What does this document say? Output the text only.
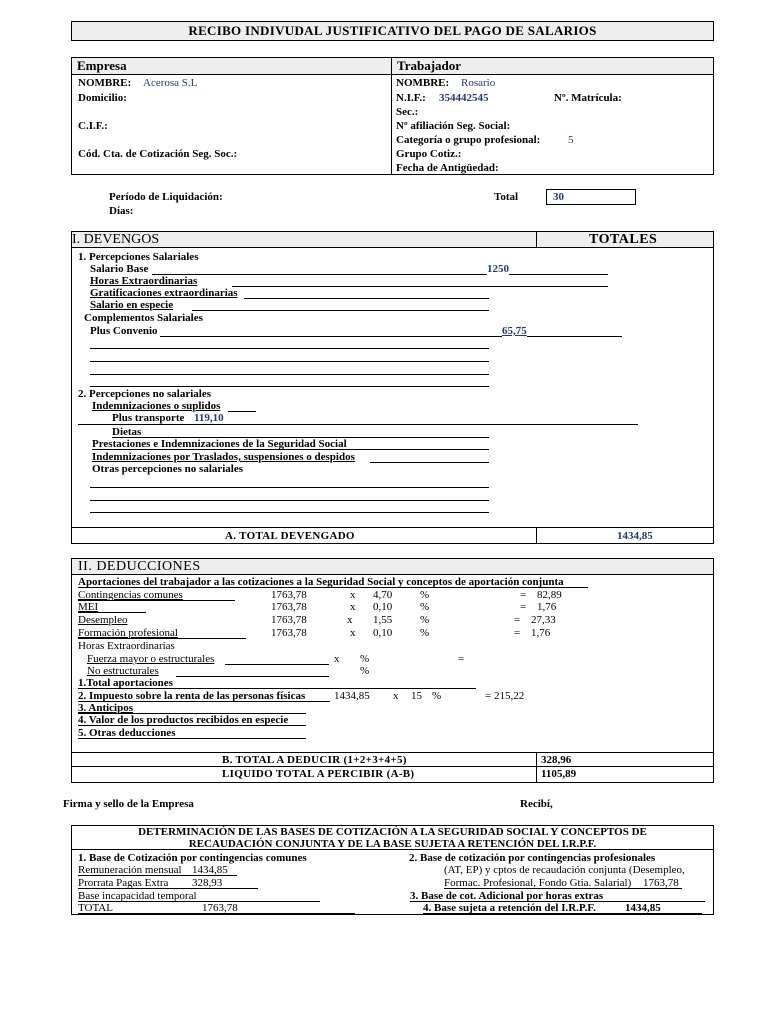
RECIBO INDIVUDAL JUSTIFICATIVO DEL PAGO DE SALARIOS
Empresa	Trabajador
NOMBRE: Acerosa S.L
Domicilio:
C.I.F.:
Cód. Cta. de Cotización Seg. Soc.:
NOMBRE: Rosario
N.I.F.: 354442545	Nº. Matrícula:
Sec.:
Nº afiliación Seg. Social:
Categoría o grupo profesional:	5
Grupo Cotiz.:
Fecha de Antigüedad:
Período de Liquidación:
Días:
Total	30
I. DEVENGOS	TOTALES
1. Percepciones Salariales
Salario Base	1250
Horas Extraordinarias
Gratificaciones extraordinarias
Salario en especie
Complementos Salariales
Plus Convenio	65,75
2. Percepciones no salariales
Indemnizaciones o suplidos
Plus transporte 119,10
Dietas
Prestaciones e Indemnizaciones de la Seguridad Social
Indemnizaciones por Traslados, suspensiones o despidos
Otras percepciones no salariales
A. TOTAL DEVENGADO	1434,85
II. DEDUCCIONES
Aportaciones del trabajador a las cotizaciones a la Seguridad Social y conceptos de aportación conjunta
Contingencias comunes	1763,78	x 4,70	%	= 82,89
MEI	1763,78	x 0,10	%	= 1,76
Desempleo	1763,78	x 1,55	%	= 27,33
Formación profesional	1763,78	x 0,10	%	= 1,76
Horas Extraordinarias
Fuerza mayor o estructurales	x %	=
No estructurales	%
1.Total aportaciones
2. Impuesto sobre la renta de las personas físicas	1434,85 x 15 %	= 215,22
3. Anticipos
4. Valor de los productos recibidos en especie
5. Otras deducciones
B. TOTAL A DEDUCIR (1+2+3+4+5)	328,96
LIQUIDO TOTAL A PERCIBIR (A-B)	1105,89
Firma y sello de la Empresa	Recibí,
DETERMINACIÓN DE LAS BASES DE COTIZACIÓN A LA SEGURIDAD SOCIAL Y CONCEPTOS DE
RECAUDACIÓN CONJUNTA Y DE LA BASE SUJETA A RETENCIÓN DEL I.R.P.F.
1. Base de Cotización por contingencias comunes
Remuneración mensual 1434,85
Prorrata Pagas Extra 328,93
Base incapacidad temporal
TOTAL	1763,78
2. Base de cotización por contingencias profesionales
(AT, EP) y cptos de recaudación conjunta (Desempleo,
Formac. Profesional, Fondo Gtia. Salarial) 1763,78
3. Base de cot. Adicional por horas extras
4. Base sujeta a retención del I.R.P.F.	1434,85
